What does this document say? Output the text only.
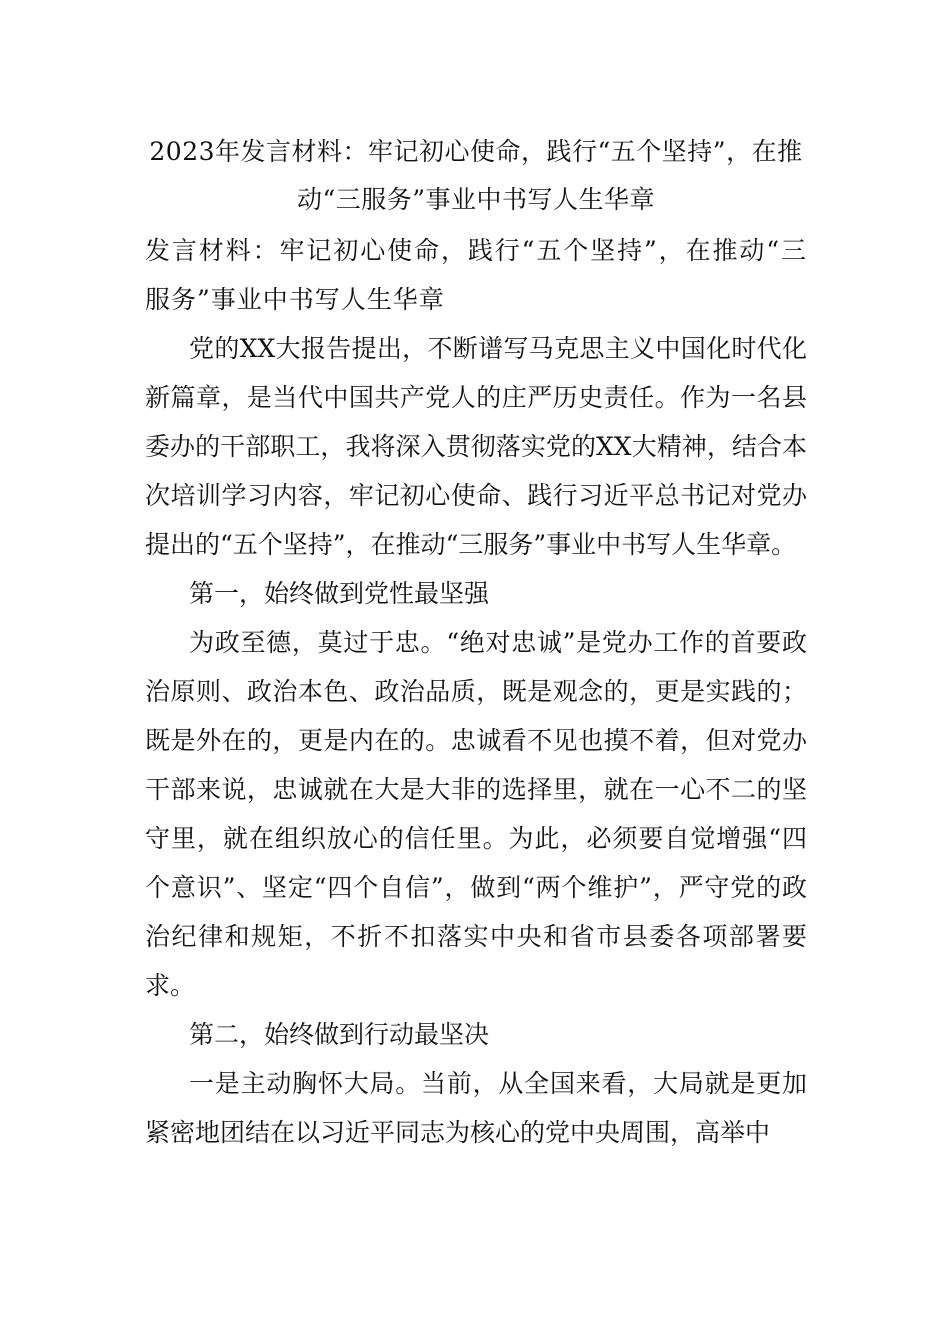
2023年发言材料：牢记初心使命，践行“五个坚持”，在推动“三服务”事业中书写人生华章

发言材料：牢记初心使命，践行“五个坚持”，在推动“三服务”事业中书写人生华章

党的XX大报告提出，不断谱写马克思主义中国化时代化新篇章，是当代中国共产党人的庄严历史责任。作为一名县委办的干部职工，我将深入贯彻落实党的XX大精神，结合本次培训学习内容，牢记初心使命、践行习近平总书记对党办提出的“五个坚持”，在推动“三服务”事业中书写人生华章。

第一，始终做到党性最坚强

为政至德，莫过于忠。“绝对忠诚”是党办工作的首要政治原则、政治本色、政治品质，既是观念的，更是实践的；既是外在的，更是内在的。忠诚看不见也摸不着，但对党办干部来说，忠诚就在大是大非的选择里，就在一心不二的坚守里，就在组织放心的信任里。为此，必须要自觉增强“四个意识”、坚定“四个自信”，做到“两个维护”，严守党的政治纪律和规矩，不折不扣落实中央和省市县委各项部署要求。

第二，始终做到行动最坚决

一是主动胸怀大局。当前，从全国来看，大局就是更加紧密地团结在以习近平同志为核心的党中央周围，高举中
